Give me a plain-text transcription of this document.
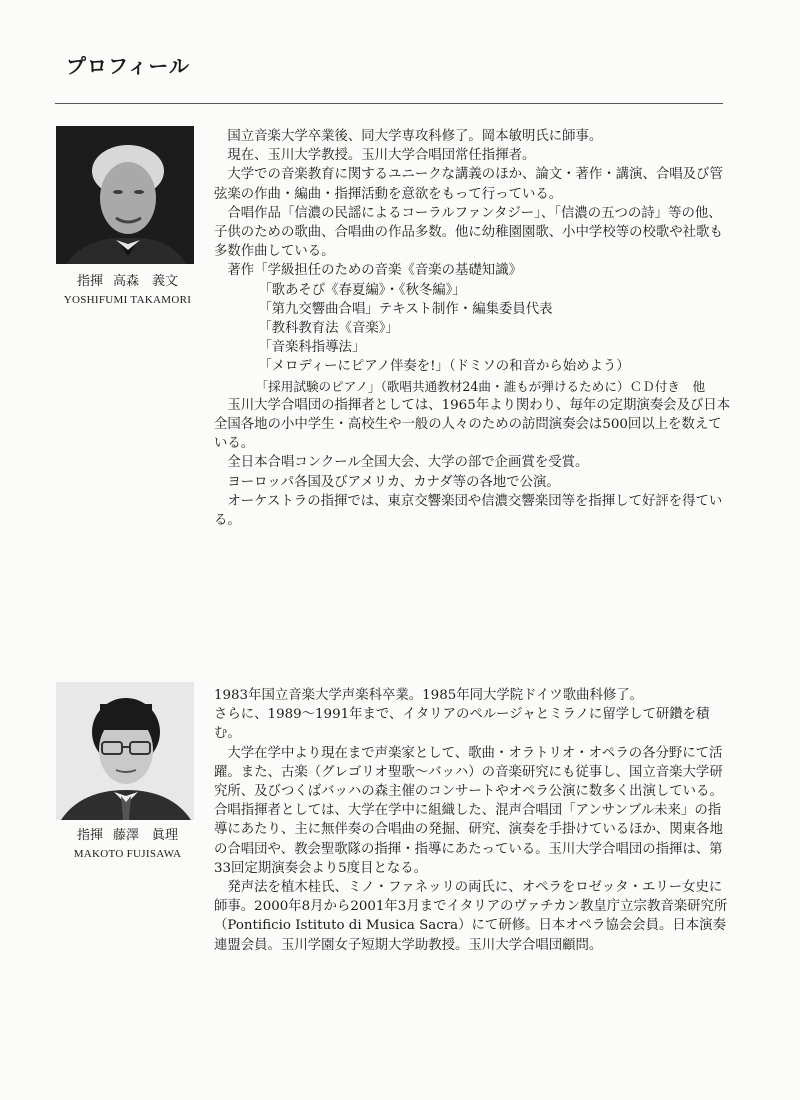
プロフィール
指揮 高森　義文
YOSHIFUMI TAKAMORI

国立音楽大学卒業後、同大学専攻科修了。岡本敏明氏に師事。

現在、玉川大学教授。玉川大学合唱団常任指揮者。

大学での音楽教育に関するユニークな講義のほか、論文・著作・講演、合唱及び管弦楽の作曲・編曲・指揮活動を意欲をもって行っている。

合唱作品「信濃の民謡によるコーラルファンタジー」、「信濃の五つの詩」等の他、子供のための歌曲、合唱曲の作品多数。他に幼稚園園歌、小中学校等の校歌や社歌も多数作曲している。

著作「学級担任のための音楽《音楽の基礎知識》

「歌あそび《春夏編》・《秋冬編》」

「第九交響曲合唱」テキスト制作・編集委員代表

「教科教育法《音楽》」

「音楽科指導法」

「メロディーにピアノ伴奏を!」（ドミソの和音から始めよう）

「採用試験のピアノ」（歌唱共通教材24曲・誰もが弾けるために）ＣＤ付き　他

玉川大学合唱団の指揮者としては、1965年より関わり、毎年の定期演奏会及び日本全国各地の小中学生・高校生や一般の人々のための訪問演奏会は500回以上を数えている。

全日本合唱コンクール全国大会、大学の部で企画賞を受賞。

ヨーロッパ各国及びアメリカ、カナダ等の各地で公演。

オーケストラの指揮では、東京交響楽団や信濃交響楽団等を指揮して好評を得ている。

指揮 藤澤　眞理
MAKOTO FUJISAWA

1983年国立音楽大学声楽科卒業。1985年同大学院ドイツ歌曲科修了。

さらに、1989～1991年まで、イタリアのペルージャとミラノに留学して研鑽を積む。

大学在学中より現在まで声楽家として、歌曲・オラトリオ・オペラの各分野にて活躍。また、古楽（グレゴリオ聖歌～バッハ）の音楽研究にも従事し、国立音楽大学研究所、及びつくばバッハの森主催のコンサートやオペラ公演に数多く出演している。合唱指揮者としては、大学在学中に組織した、混声合唱団「アンサンブル未来」の指導にあたり、主に無伴奏の合唱曲の発掘、研究、演奏を手掛けているほか、関東各地の合唱団や、教会聖歌隊の指揮・指導にあたっている。玉川大学合唱団の指揮は、第33回定期演奏会より5度目となる。

発声法を植木桂氏、ミノ・ファネッリの両氏に、オペラをロゼッタ・エリー女史に師事。2000年8月から2001年3月までイタリアのヴァチカン教皇庁立宗教音楽研究所（Pontificio Istituto di Musica Sacra）にて研修。日本オペラ協会会員。日本演奏連盟会員。玉川学園女子短期大学助教授。玉川大学合唱団顧問。
